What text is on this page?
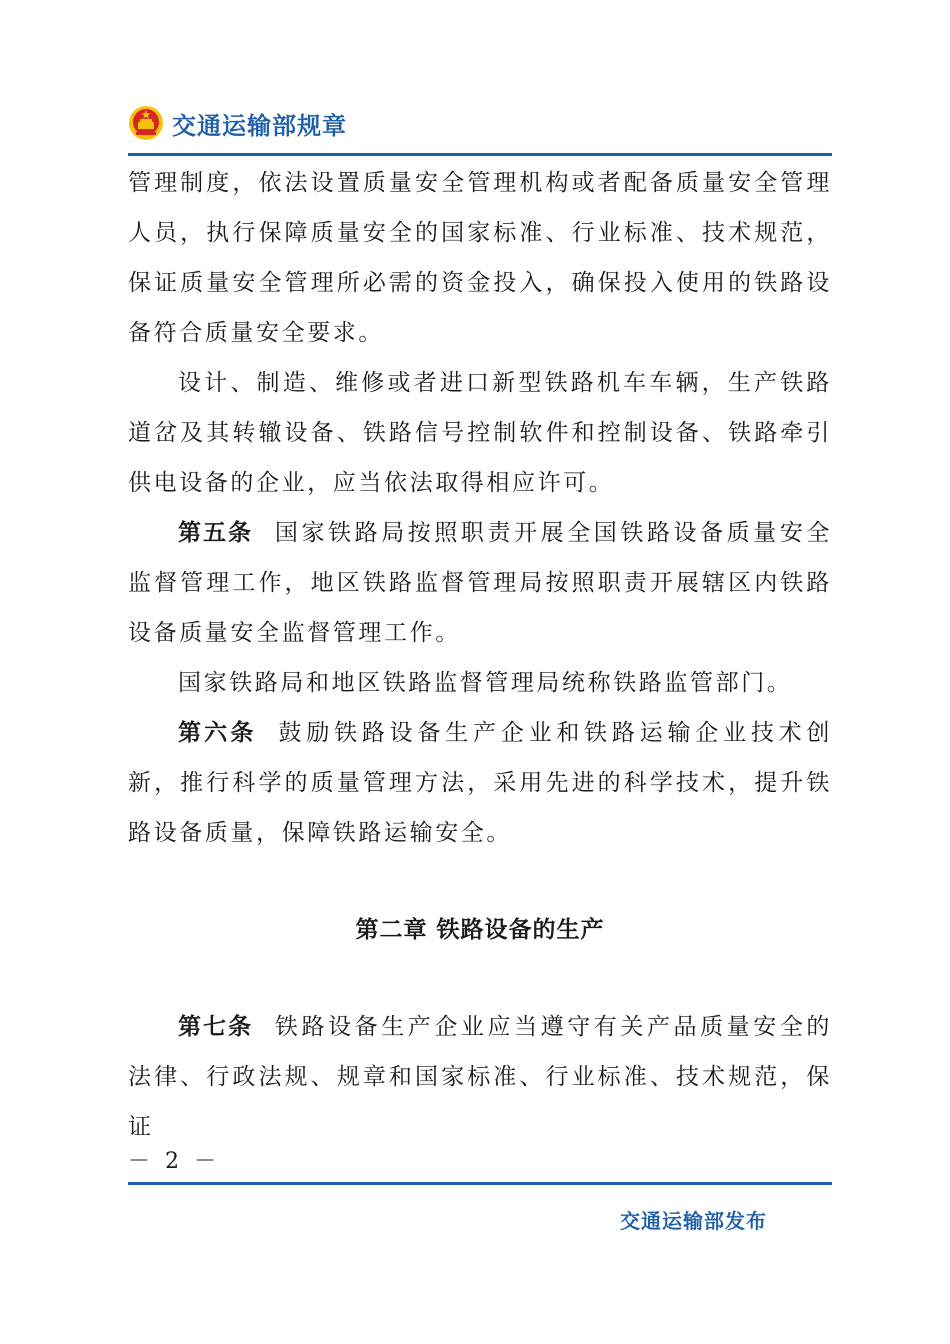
交通运输部规章

管理制度，依法设置质量安全管理机构或者配备质量安全管理人员，执行保障质量安全的国家标准、行业标准、技术规范，保证质量安全管理所必需的资金投入，确保投入使用的铁路设备符合质量安全要求。

设计、制造、维修或者进口新型铁路机车车辆，生产铁路道岔及其转辙设备、铁路信号控制软件和控制设备、铁路牵引供电设备的企业，应当依法取得相应许可。

第五条 国家铁路局按照职责开展全国铁路设备质量安全监督管理工作，地区铁路监督管理局按照职责开展辖区内铁路设备质量安全监督管理工作。

国家铁路局和地区铁路监督管理局统称铁路监管部门。

第六条 鼓励铁路设备生产企业和铁路运输企业技术创新，推行科学的质量管理方法，采用先进的科学技术，提升铁路设备质量，保障铁路运输安全。

第二章 铁路设备的生产

第七条 铁路设备生产企业应当遵守有关产品质量安全的法律、行政法规、规章和国家标准、行业标准、技术规范，保证

－ 2 －
交通运输部发布
